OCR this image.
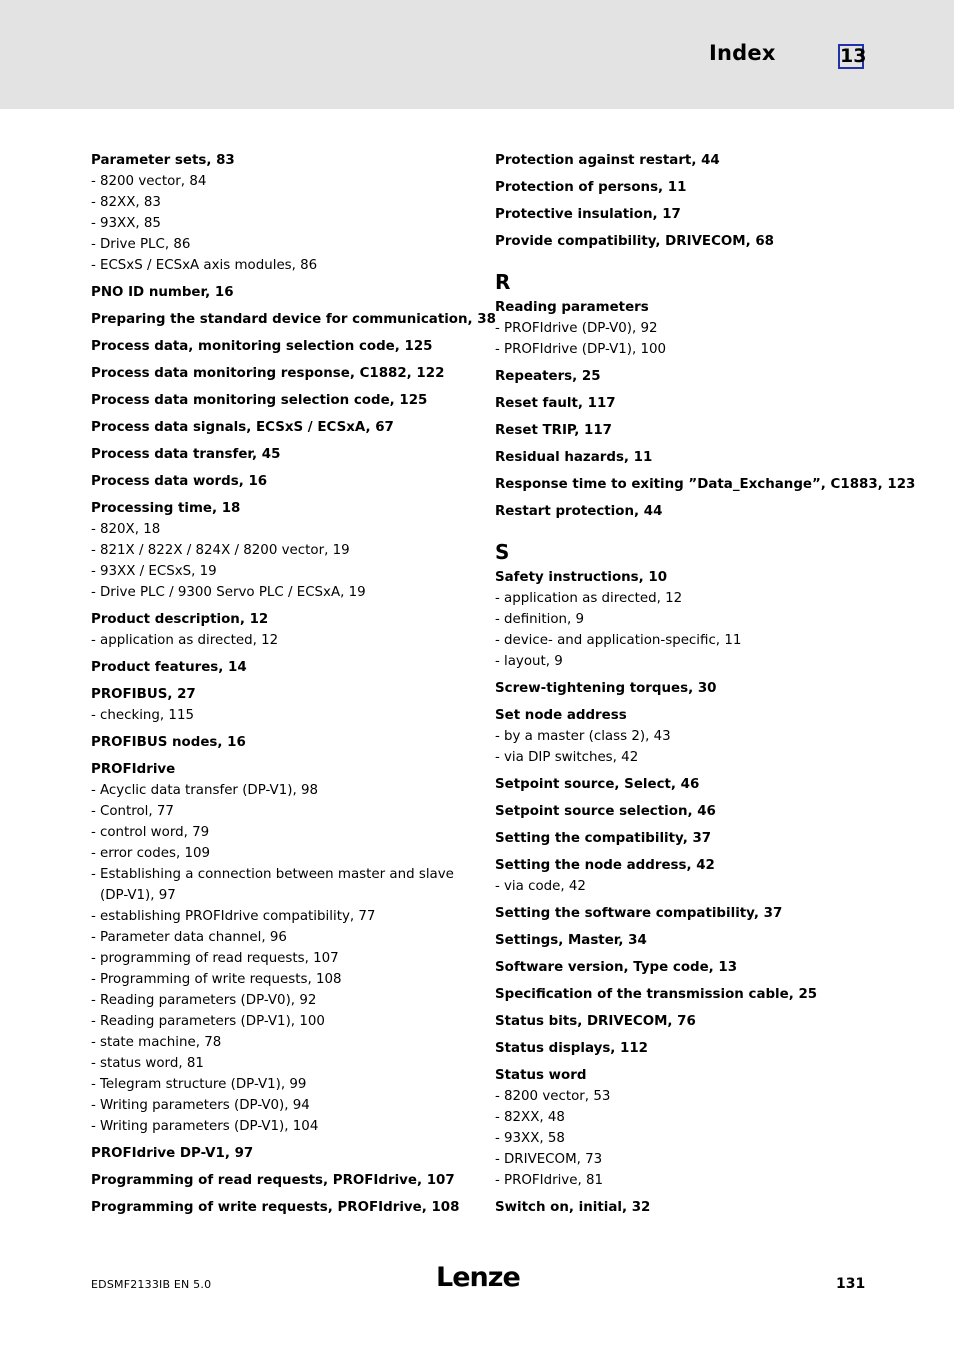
Index	13
Parameter sets, 83
- 8200 vector, 84
- 82XX, 83
- 93XX, 85
- Drive PLC, 86
- ECSxS / ECSxA axis modules, 86
PNO ID number, 16
Preparing the standard device for communication, 38
Process data, monitoring selection code, 125
Process data monitoring response, C1882, 122
Process data monitoring selection code, 125
Process data signals, ECSxS / ECSxA, 67
Process data transfer, 45
Process data words, 16
Processing time, 18
- 820X, 18
- 821X / 822X / 824X / 8200 vector, 19
- 93XX / ECSxS, 19
- Drive PLC / 9300 Servo PLC / ECSxA, 19
Product description, 12
- application as directed, 12
Product features, 14
PROFIBUS, 27
- checking, 115
PROFIBUS nodes, 16
PROFIdrive
- Acyclic data transfer (DP-V1), 98
- Control, 77
- control word, 79
- error codes, 109
- Establishing a connection between master and slave (DP-V1), 97
- establishing PROFIdrive compatibility, 77
- Parameter data channel, 96
- programming of read requests, 107
- Programming of write requests, 108
- Reading parameters (DP-V0), 92
- Reading parameters (DP-V1), 100
- state machine, 78
- status word, 81
- Telegram structure (DP-V1), 99
- Writing parameters (DP-V0), 94
- Writing parameters (DP-V1), 104
PROFIdrive DP-V1, 97
Programming of read requests, PROFIdrive, 107
Programming of write requests, PROFIdrive, 108
Protection against restart, 44
Protection of persons, 11
Protective insulation, 17
Provide compatibility, DRIVECOM, 68
R
Reading parameters
- PROFIdrive (DP-V0), 92
- PROFIdrive (DP-V1), 100
Repeaters, 25
Reset fault, 117
Reset TRIP, 117
Residual hazards, 11
Response time to exiting ”Data_Exchange”, C1883, 123
Restart protection, 44
S
Safety instructions, 10
- application as directed, 12
- definition, 9
- device- and application-specific, 11
- layout, 9
Screw-tightening torques, 30
Set node address
- by a master (class 2), 43
- via DIP switches, 42
Setpoint source, Select, 46
Setpoint source selection, 46
Setting the compatibility, 37
Setting the node address, 42
- via code, 42
Setting the software compatibility, 37
Settings, Master, 34
Software version, Type code, 13
Specification of the transmission cable, 25
Status bits, DRIVECOM, 76
Status displays, 112
Status word
- 8200 vector, 53
- 82XX, 48
- 93XX, 58
- DRIVECOM, 73
- PROFIdrive, 81
Switch on, initial, 32
EDSMF2133IB EN 5.0	Lenze	131
